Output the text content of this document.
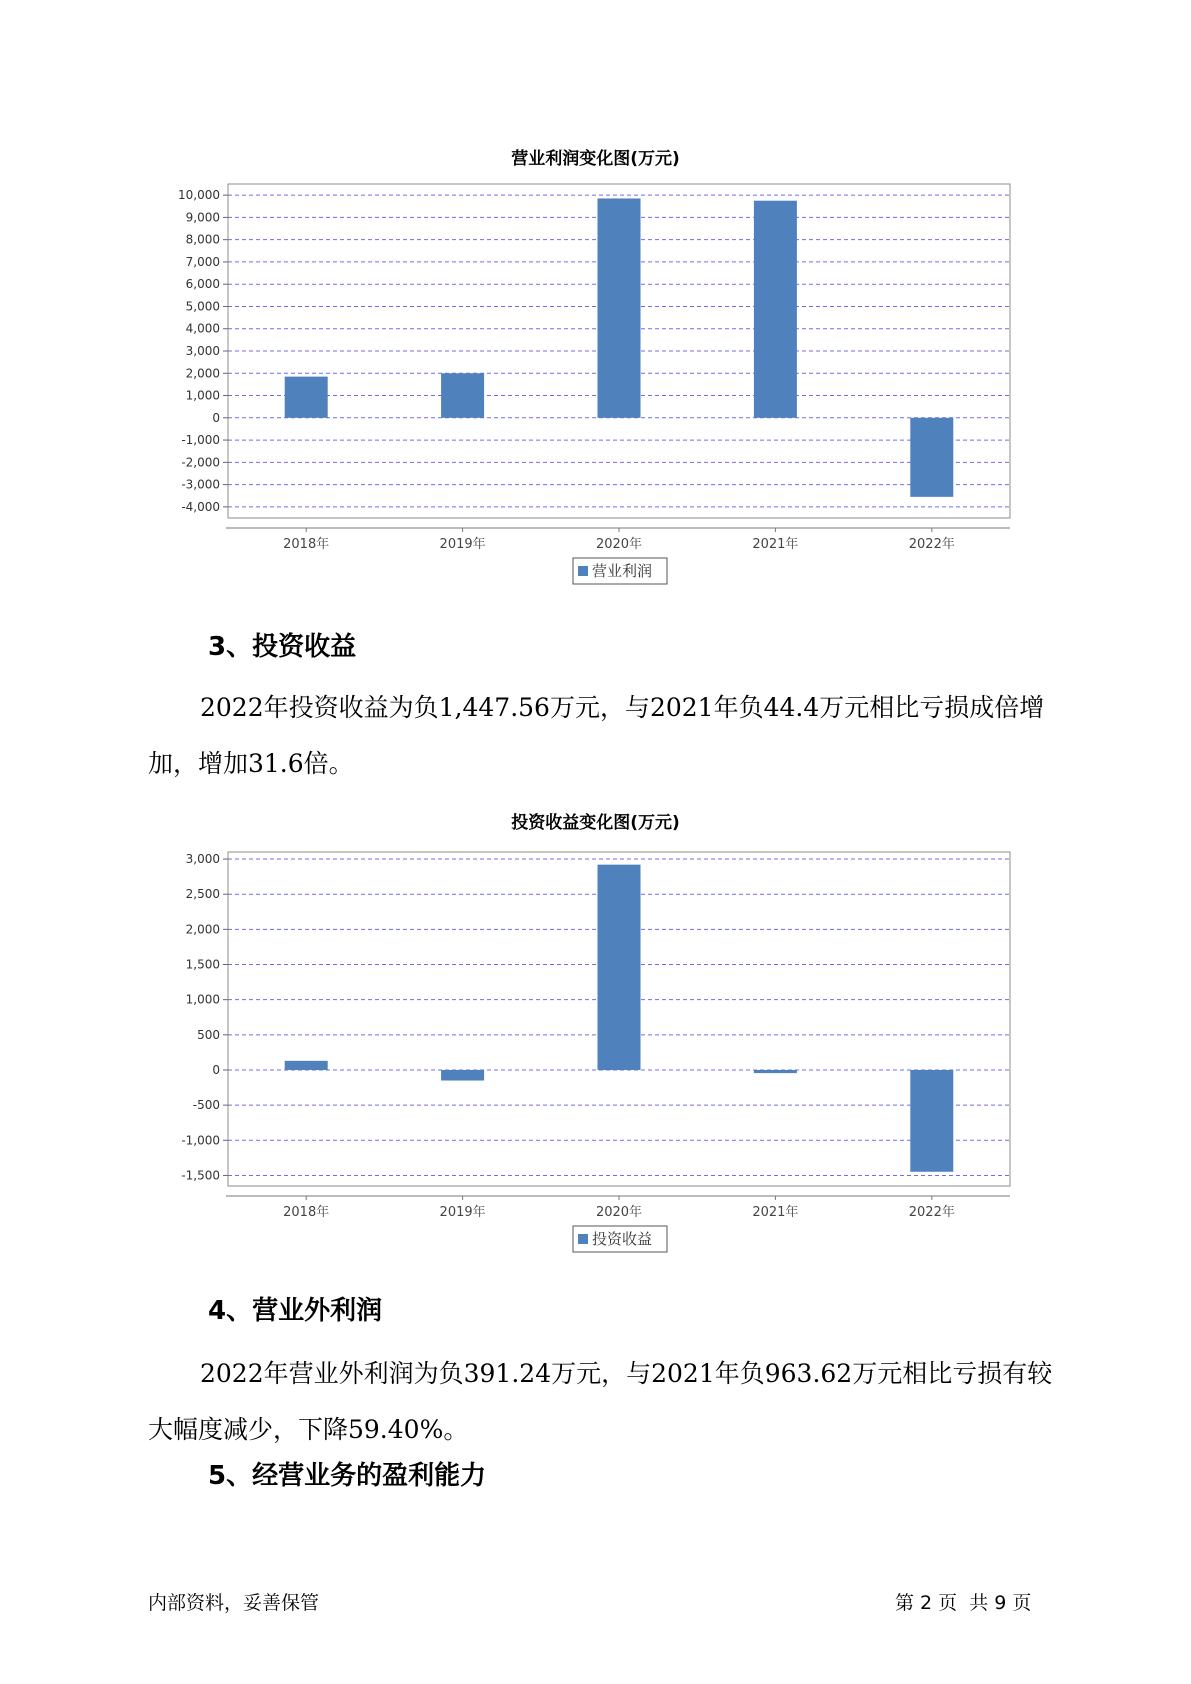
营业利润变化图(万元)
10,000
9,000
8,000
7,000
6,000
5,000
4,000
3,000
2,000
1,000
0
-1,000
-2,000
-3,000
-4,000
2018年	2019年	2020年	2021年	2022年
营业利润
3、投资收益
2022年投资收益为负1,447.56万元，与2021年负44.4万元相比亏损成倍增加，增加31.6倍。
投资收益变化图(万元)
3,000
2,500
2,000
1,500
1,000
500
0
-500
-1,000
-1,500
2018年	2019年	2020年	2021年	2022年
投资收益
4、营业外利润
2022年营业外利润为负391.24万元，与2021年负963.62万元相比亏损有较大幅度减少，下降59.40%。
5、经营业务的盈利能力
内部资料，妥善保管	第 2 页  共 9 页
